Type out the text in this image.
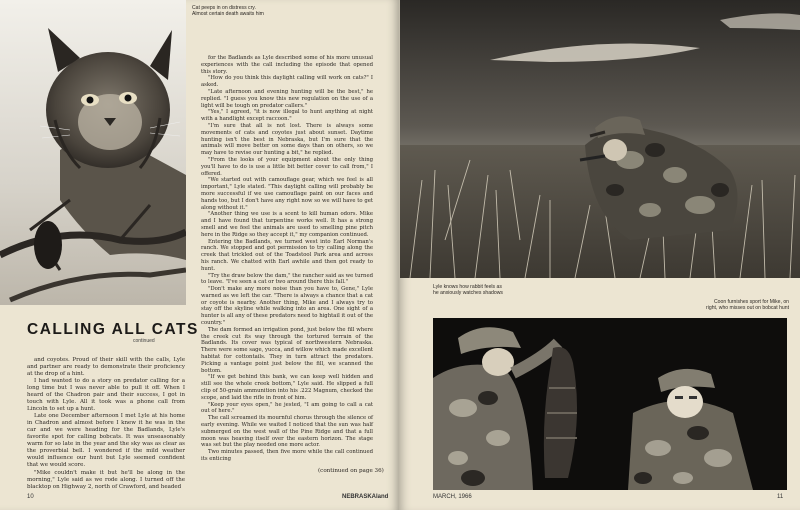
Cat peeps in on distress cry.
Almost certain death awaits him
CALLING ALL CATS
continued

and coyotes. Proud of their skill with the calls, Lyle and partner are ready to demonstrate their proficiency at the drop of a hint.

I had wanted to do a story on predator calling for a long time but I was never able to pull it off. When I heard of the Chadron pair and their success, I got in touch with Lyle. All it took was a phone call from Lincoln to set up a hunt.

Late one December afternoon I met Lyle at his home in Chadron and almost before I knew it he was in the car and we were heading for the Badlands, Lyle's favorite spot for calling bobcats. It was unseasonably warm for so late in the year and the sky was as clear as the proverbial bell. I wondered if the mild weather would influence our hunt but Lyle seemed confident that we would score.

"Mike couldn't make it but he'll be along in the morning," Lyle said as we rode along. I turned off the blacktop on Highway 2, north of Crawford, and headed

for the Badlands as Lyle described some of his more unusual experiences with the call including the episode that opened this story.

"How do you think this daylight calling will work on cats?" I asked.

"Late afternoon and evening hunting will be the best," he replied. "I guess you know this new regulation on the use of a light will be tough on predator callers."

"Yes," I agreed, "it is now illegal to hunt anything at night with a handlight except raccoon."

"I'm sure that all is not lost. There is always some movements of cats and coyotes just about sunset. Daytime hunting isn't the best in Nebraska, but I'm sure that the animals will move better on some days than on others, so we may have to revise our hunting a bit," he replied.

"From the looks of your equipment about the only thing you'll have to do is use a little bit better cover to call from," I offered.

"We started out with camouflage gear, which we feel is all important," Lyle stated. "This daylight calling will probably be more successful if we use camouflage paint on our faces and hands too, but I don't have any right now so we will have to get along without it."

"Another thing we use is a scent to kill human odors. Mike and I have found that turpentine works well. It has a strong smell and we feel the animals are used to smelling pine pitch here in the Ridge so they accept it," my companion continued.

Entering the Badlands, we turned west into Earl Norman's ranch. We stopped and got permission to try calling along the creek that trickled out of the Toadstool Park area and across his ranch. We chatted with Earl awhile and then got ready to hunt.

"Try the draw below the dam," the rancher said as we turned to leave. "I've seen a cat or two around there this fall."

"Don't make any more noise than you have to, Gene," Lyle warned as we left the car. "There is always a chance that a cat or coyote is nearby. Another thing, Mike and I always try to stay off the skyline while walking into an area. One sight of a hunter is all any of these predators need to hightail it out of the country."

The dam formed an irrigation pond, just below the fill where the creek cut its way through the tortured terrain of the Badlands. Its cover was typical of northwestern Nebraska. There were some sage, yucca, and willow which made excellent habitat for cottontails. They in turn attract the predators. Picking a vantage point just below the fill, we scanned the bottom.

"If we get behind this bank, we can keep well hidden and still see the whole creek bottom," Lyle said. He slipped a full clip of 50-grain ammunition into his .222 Magnum, checked the scope, and laid the rifle in front of him.

"Keep your eyes open," he jested, "I am going to call a cat out of here."

The call screamed its mournful chorus through the silence of early evening. While we waited I noticed that the sun was half submerged on the west wall of the Pine Ridge and that a full moon was heaving itself over the eastern horizon. The stage was set but the play needed one more actor.

Two minutes passed, then five more while the call continued its enticing

(continued on page 36)
10
Lyle knows how rabbit feels as
he anxiously watches shadows
Coon furnishes sport for Mike, on
right, who misses out on bobcat hunt
MARCH, 1966	11
NEBRASKAland
